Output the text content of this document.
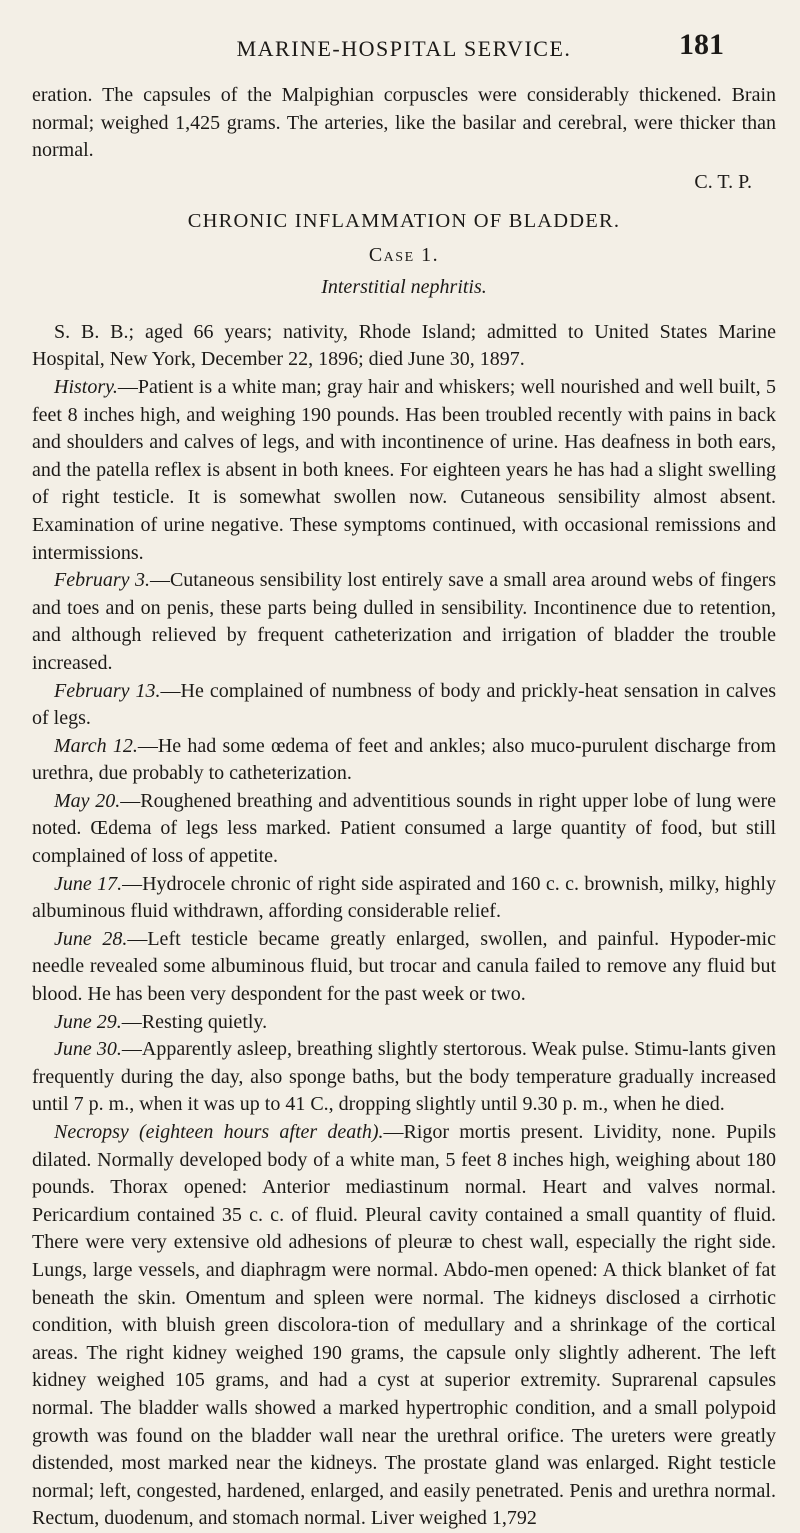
MARINE-HOSPITAL SERVICE.	181

eration. The capsules of the Malpighian corpuscles were considerably thickened. Brain normal; weighed 1,425 grams. The arteries, like the basilar and cerebral, were thicker than normal.

C. T. P.
CHRONIC INFLAMMATION OF BLADDER.
Case 1.
Interstitial nephritis.

S. B. B.; aged 66 years; nativity, Rhode Island; admitted to United States Marine Hospital, New York, December 22, 1896; died June 30, 1897.

History.—Patient is a white man; gray hair and whiskers; well nourished and well built, 5 feet 8 inches high, and weighing 190 pounds. Has been troubled recently with pains in back and shoulders and calves of legs, and with incontinence of urine. Has deafness in both ears, and the patella reflex is absent in both knees. For eighteen years he has had a slight swelling of right testicle. It is somewhat swollen now. Cutaneous sensibility almost absent. Examination of urine negative. These symptoms continued, with occasional remissions and intermissions.

February 3.—Cutaneous sensibility lost entirely save a small area around webs of fingers and toes and on penis, these parts being dulled in sensibility. Incontinence due to retention, and although relieved by frequent catheterization and irrigation of bladder the trouble increased.

February 13.—He complained of numbness of body and prickly-heat sensation in calves of legs.

March 12.—He had some œdema of feet and ankles; also muco-purulent discharge from urethra, due probably to catheterization.

May 20.—Roughened breathing and adventitious sounds in right upper lobe of lung were noted. Œdema of legs less marked. Patient consumed a large quantity of food, but still complained of loss of appetite.

June 17.—Hydrocele chronic of right side aspirated and 160 c. c. brownish, milky, highly albuminous fluid withdrawn, affording considerable relief.

June 28.—Left testicle became greatly enlarged, swollen, and painful. Hypoder-mic needle revealed some albuminous fluid, but trocar and canula failed to remove any fluid but blood. He has been very despondent for the past week or two.

June 29.—Resting quietly.

June 30.—Apparently asleep, breathing slightly stertorous. Weak pulse. Stimu-lants given frequently during the day, also sponge baths, but the body temperature gradually increased until 7 p. m., when it was up to 41 C., dropping slightly until 9.30 p. m., when he died.

Necropsy (eighteen hours after death).—Rigor mortis present. Lividity, none. Pupils dilated. Normally developed body of a white man, 5 feet 8 inches high, weighing about 180 pounds. Thorax opened: Anterior mediastinum normal. Heart and valves normal. Pericardium contained 35 c. c. of fluid. Pleural cavity contained a small quantity of fluid. There were very extensive old adhesions of pleuræ to chest wall, especially the right side. Lungs, large vessels, and diaphragm were normal. Abdo-men opened: A thick blanket of fat beneath the skin. Omentum and spleen were normal. The kidneys disclosed a cirrhotic condition, with bluish green discolora-tion of medullary and a shrinkage of the cortical areas. The right kidney weighed 190 grams, the capsule only slightly adherent. The left kidney weighed 105 grams, and had a cyst at superior extremity. Suprarenal capsules normal. The bladder walls showed a marked hypertrophic condition, and a small polypoid growth was found on the bladder wall near the urethral orifice. The ureters were greatly distended, most marked near the kidneys. The prostate gland was enlarged. Right testicle normal; left, congested, hardened, enlarged, and easily penetrated. Penis and urethra normal. Rectum, duodenum, and stomach normal. Liver weighed 1,792
